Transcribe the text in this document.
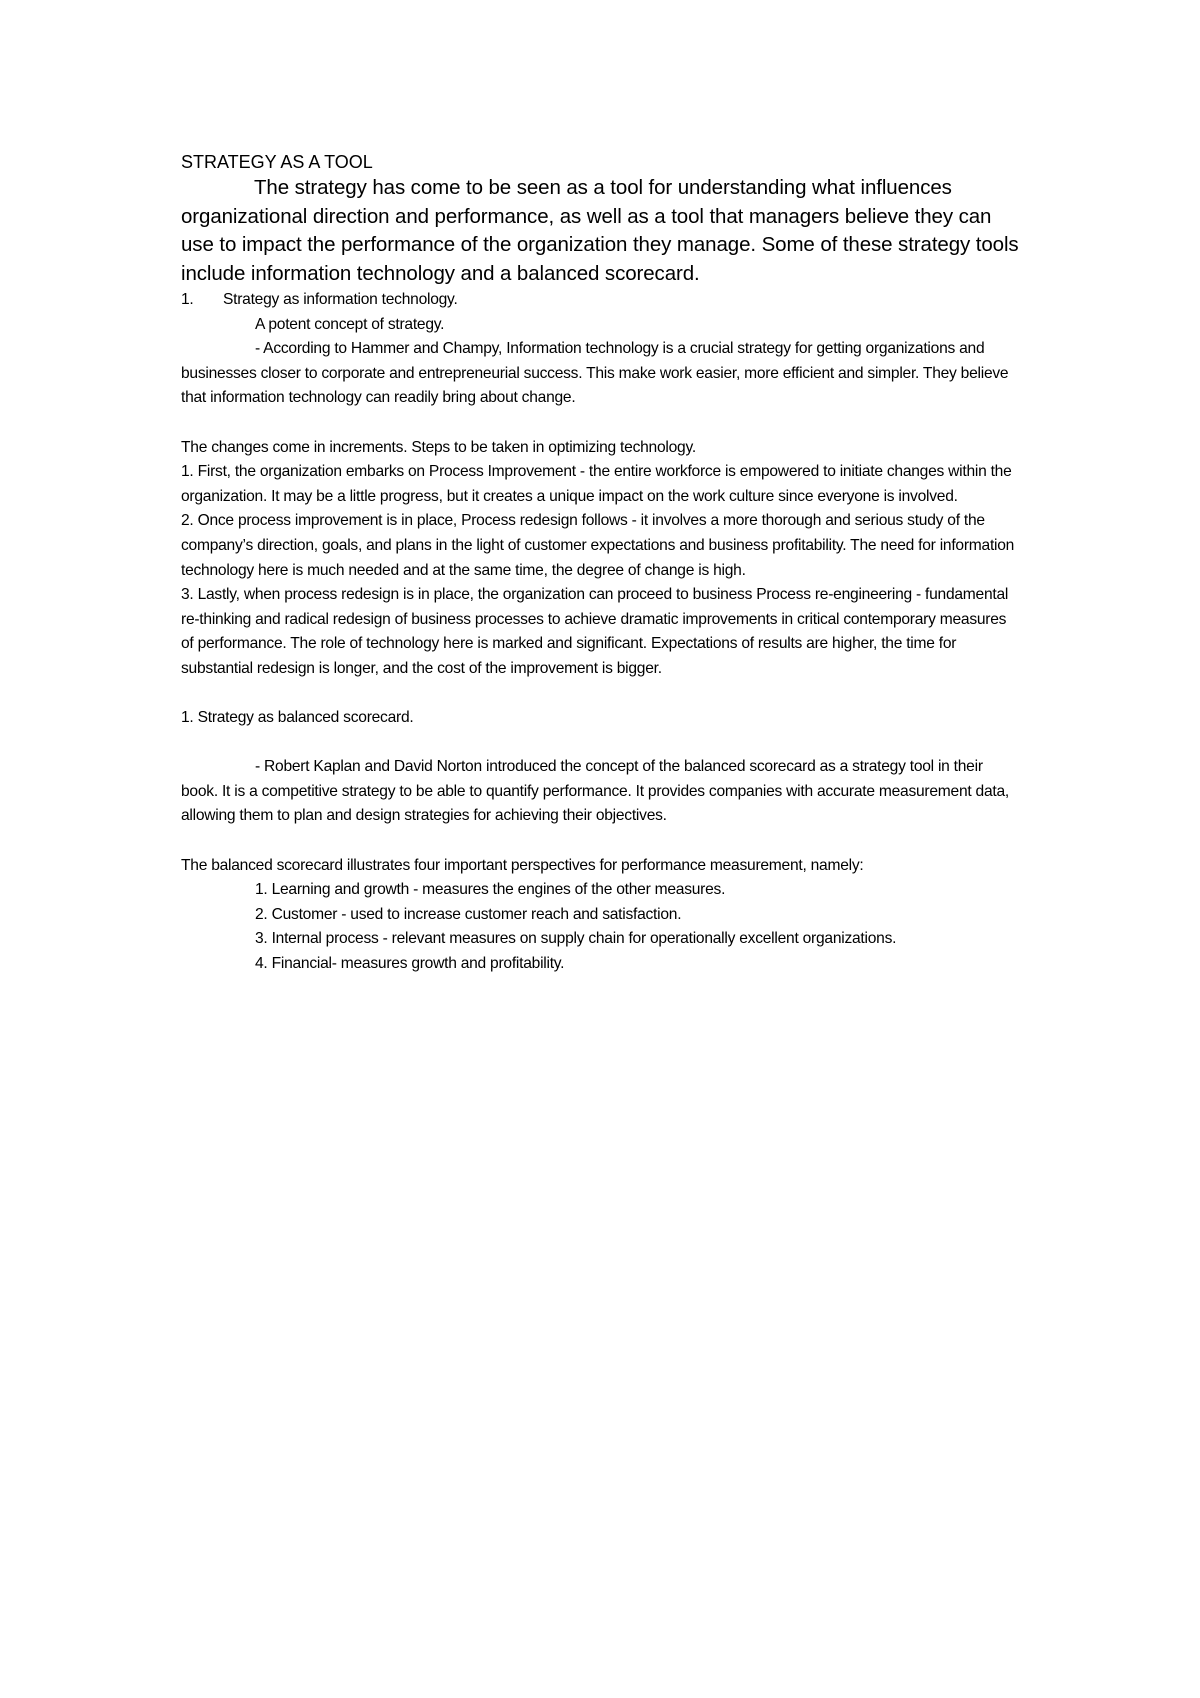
STRATEGY AS A TOOL

The strategy has come to be seen as a tool for understanding what influences organizational direction and performance, as well as a tool that managers believe they can use to impact the performance of the organization they manage. Some of these strategy tools include information technology and a balanced scorecard.

1.	Strategy as information technology.

A potent concept of strategy.

- According to Hammer and Champy, Information technology is a crucial strategy for getting organizations and businesses closer to corporate and entrepreneurial success. This make work easier, more efficient and simpler. They believe that information technology can readily bring about change.

The changes come in increments. Steps to be taken in optimizing technology.

1. First, the organization embarks on Process Improvement - the entire workforce is empowered to initiate changes within the organization. It may be a little progress, but it creates a unique impact on the work culture since everyone is involved.

2. Once process improvement is in place, Process redesign follows - it involves a more thorough and serious study of the company’s direction, goals, and plans in the light of customer expectations and business profitability. The need for information technology here is much needed and at the same time, the degree of change is high.

3. Lastly, when process redesign is in place, the organization can proceed to business Process re-engineering - fundamental re-thinking and radical redesign of business processes to achieve dramatic improvements in critical contemporary measures of performance. The role of technology here is marked and significant. Expectations of results are higher, the time for substantial redesign is longer, and the cost of the improvement is bigger.

1. Strategy as balanced scorecard.

- Robert Kaplan and David Norton introduced the concept of the balanced scorecard as a strategy tool in their book. It is a competitive strategy to be able to quantify performance. It provides companies with accurate measurement data, allowing them to plan and design strategies for achieving their objectives.

The balanced scorecard illustrates four important perspectives for performance measurement, namely:

1. Learning and growth - measures the engines of the other measures.
2. Customer - used to increase customer reach and satisfaction.
3. Internal process - relevant measures on supply chain for operationally excellent organizations.
4. Financial- measures growth and profitability.
